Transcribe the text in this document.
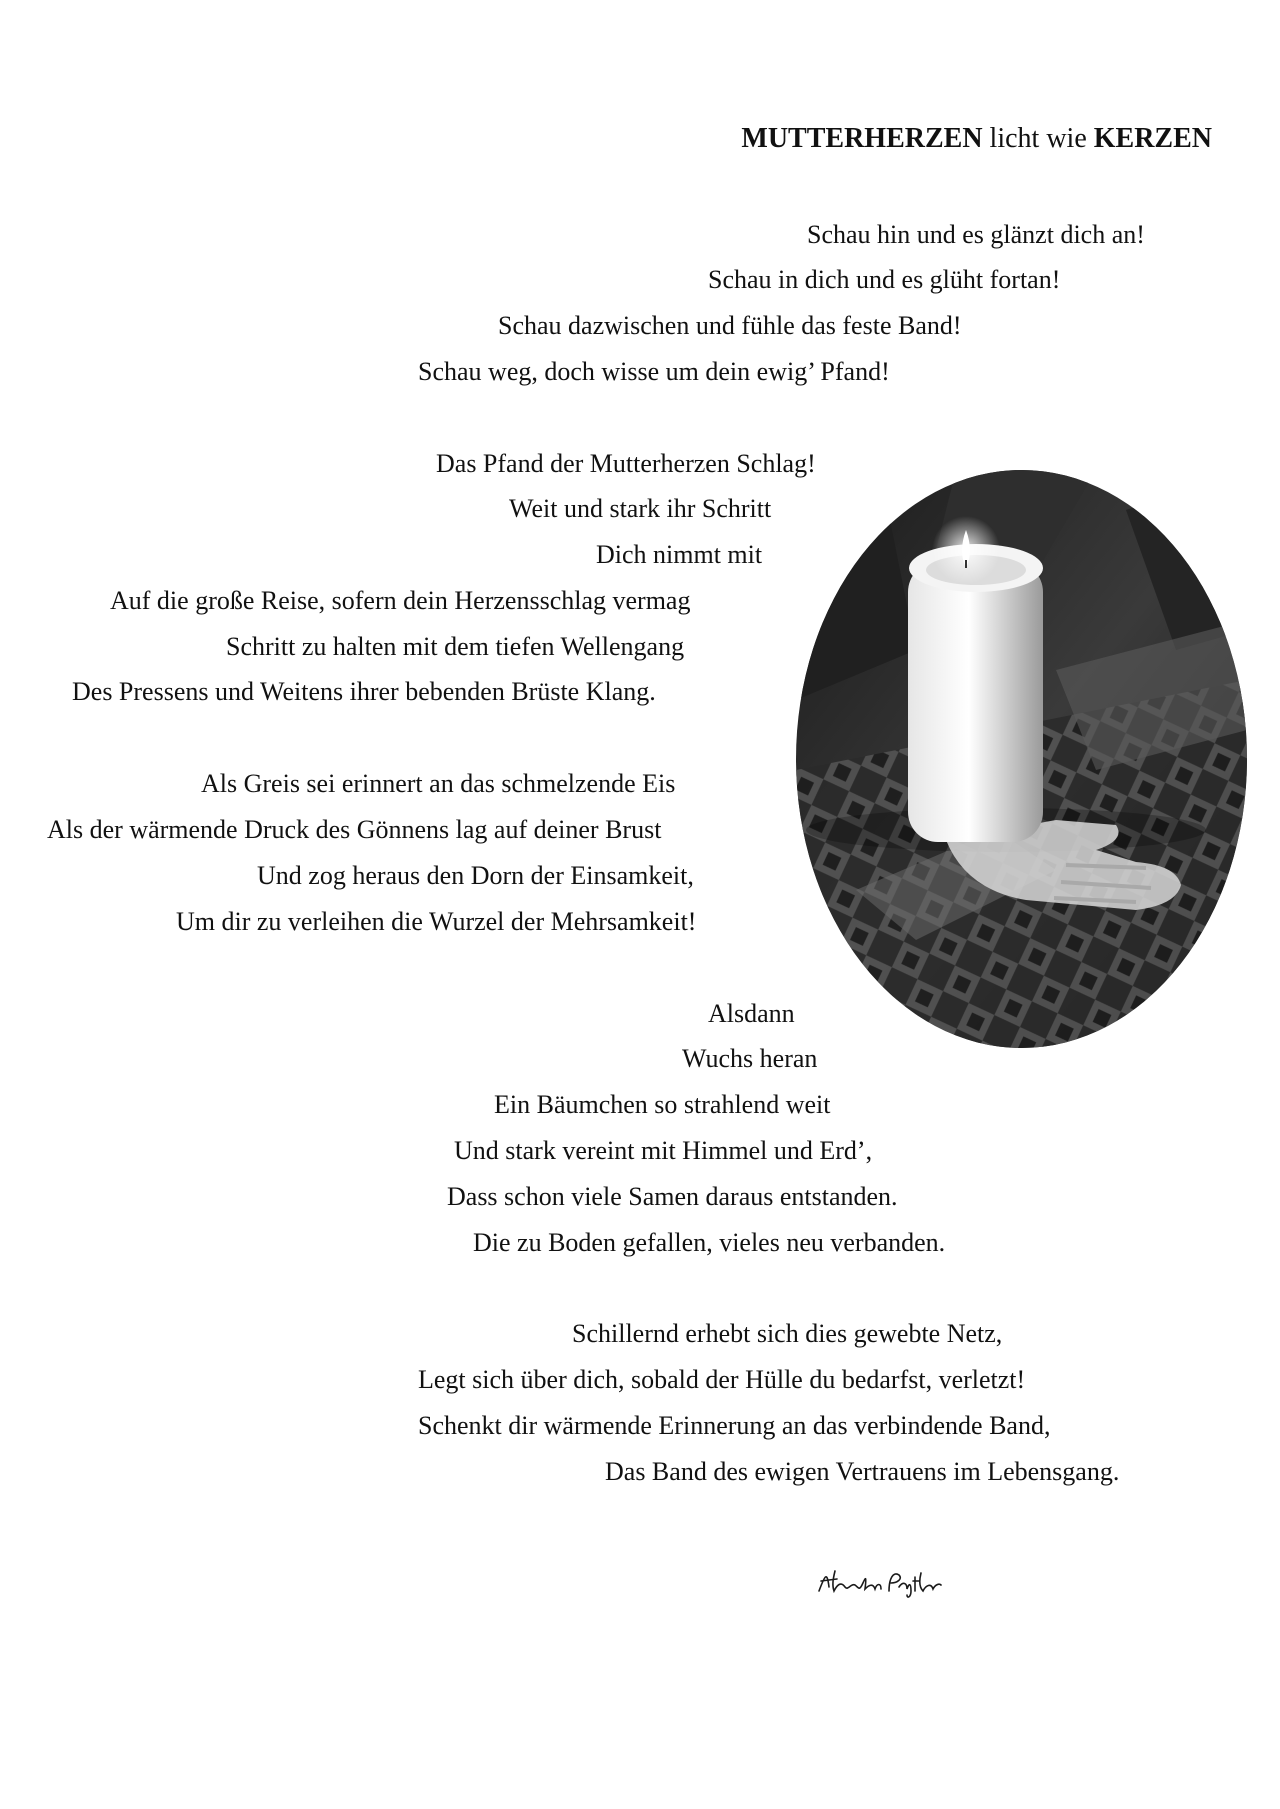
MUTTERHERZEN licht wie KERZEN
Schau hin und es glänzt dich an!
Schau in dich und es glüht fortan!
Schau dazwischen und fühle das feste Band!
Schau weg, doch wisse um dein ewig’ Pfand!
Das Pfand der Mutterherzen Schlag!
Weit und stark ihr Schritt
Dich nimmt mit
Auf die große Reise, sofern dein Herzensschlag vermag
Schritt zu halten mit dem tiefen Wellengang
Des Pressens und Weitens ihrer bebenden Brüste Klang.
Als Greis sei erinnert an das schmelzende Eis
Als der wärmende Druck des Gönnens lag auf deiner Brust
Und zog heraus den Dorn der Einsamkeit,
Um dir zu verleihen die Wurzel der Mehrsamkeit!
Alsdann
Wuchs heran
Ein Bäumchen so strahlend weit
Und stark vereint mit Himmel und Erd’,
Dass schon viele Samen daraus entstanden.
Die zu Boden gefallen, vieles neu verbanden.
Schillernd erhebt sich dies gewebte Netz,
Legt sich über dich, sobald der Hülle du bedarfst, verletzt!
Schenkt dir wärmende Erinnerung an das verbindende Band,
Das Band des ewigen Vertrauens im Lebensgang.
